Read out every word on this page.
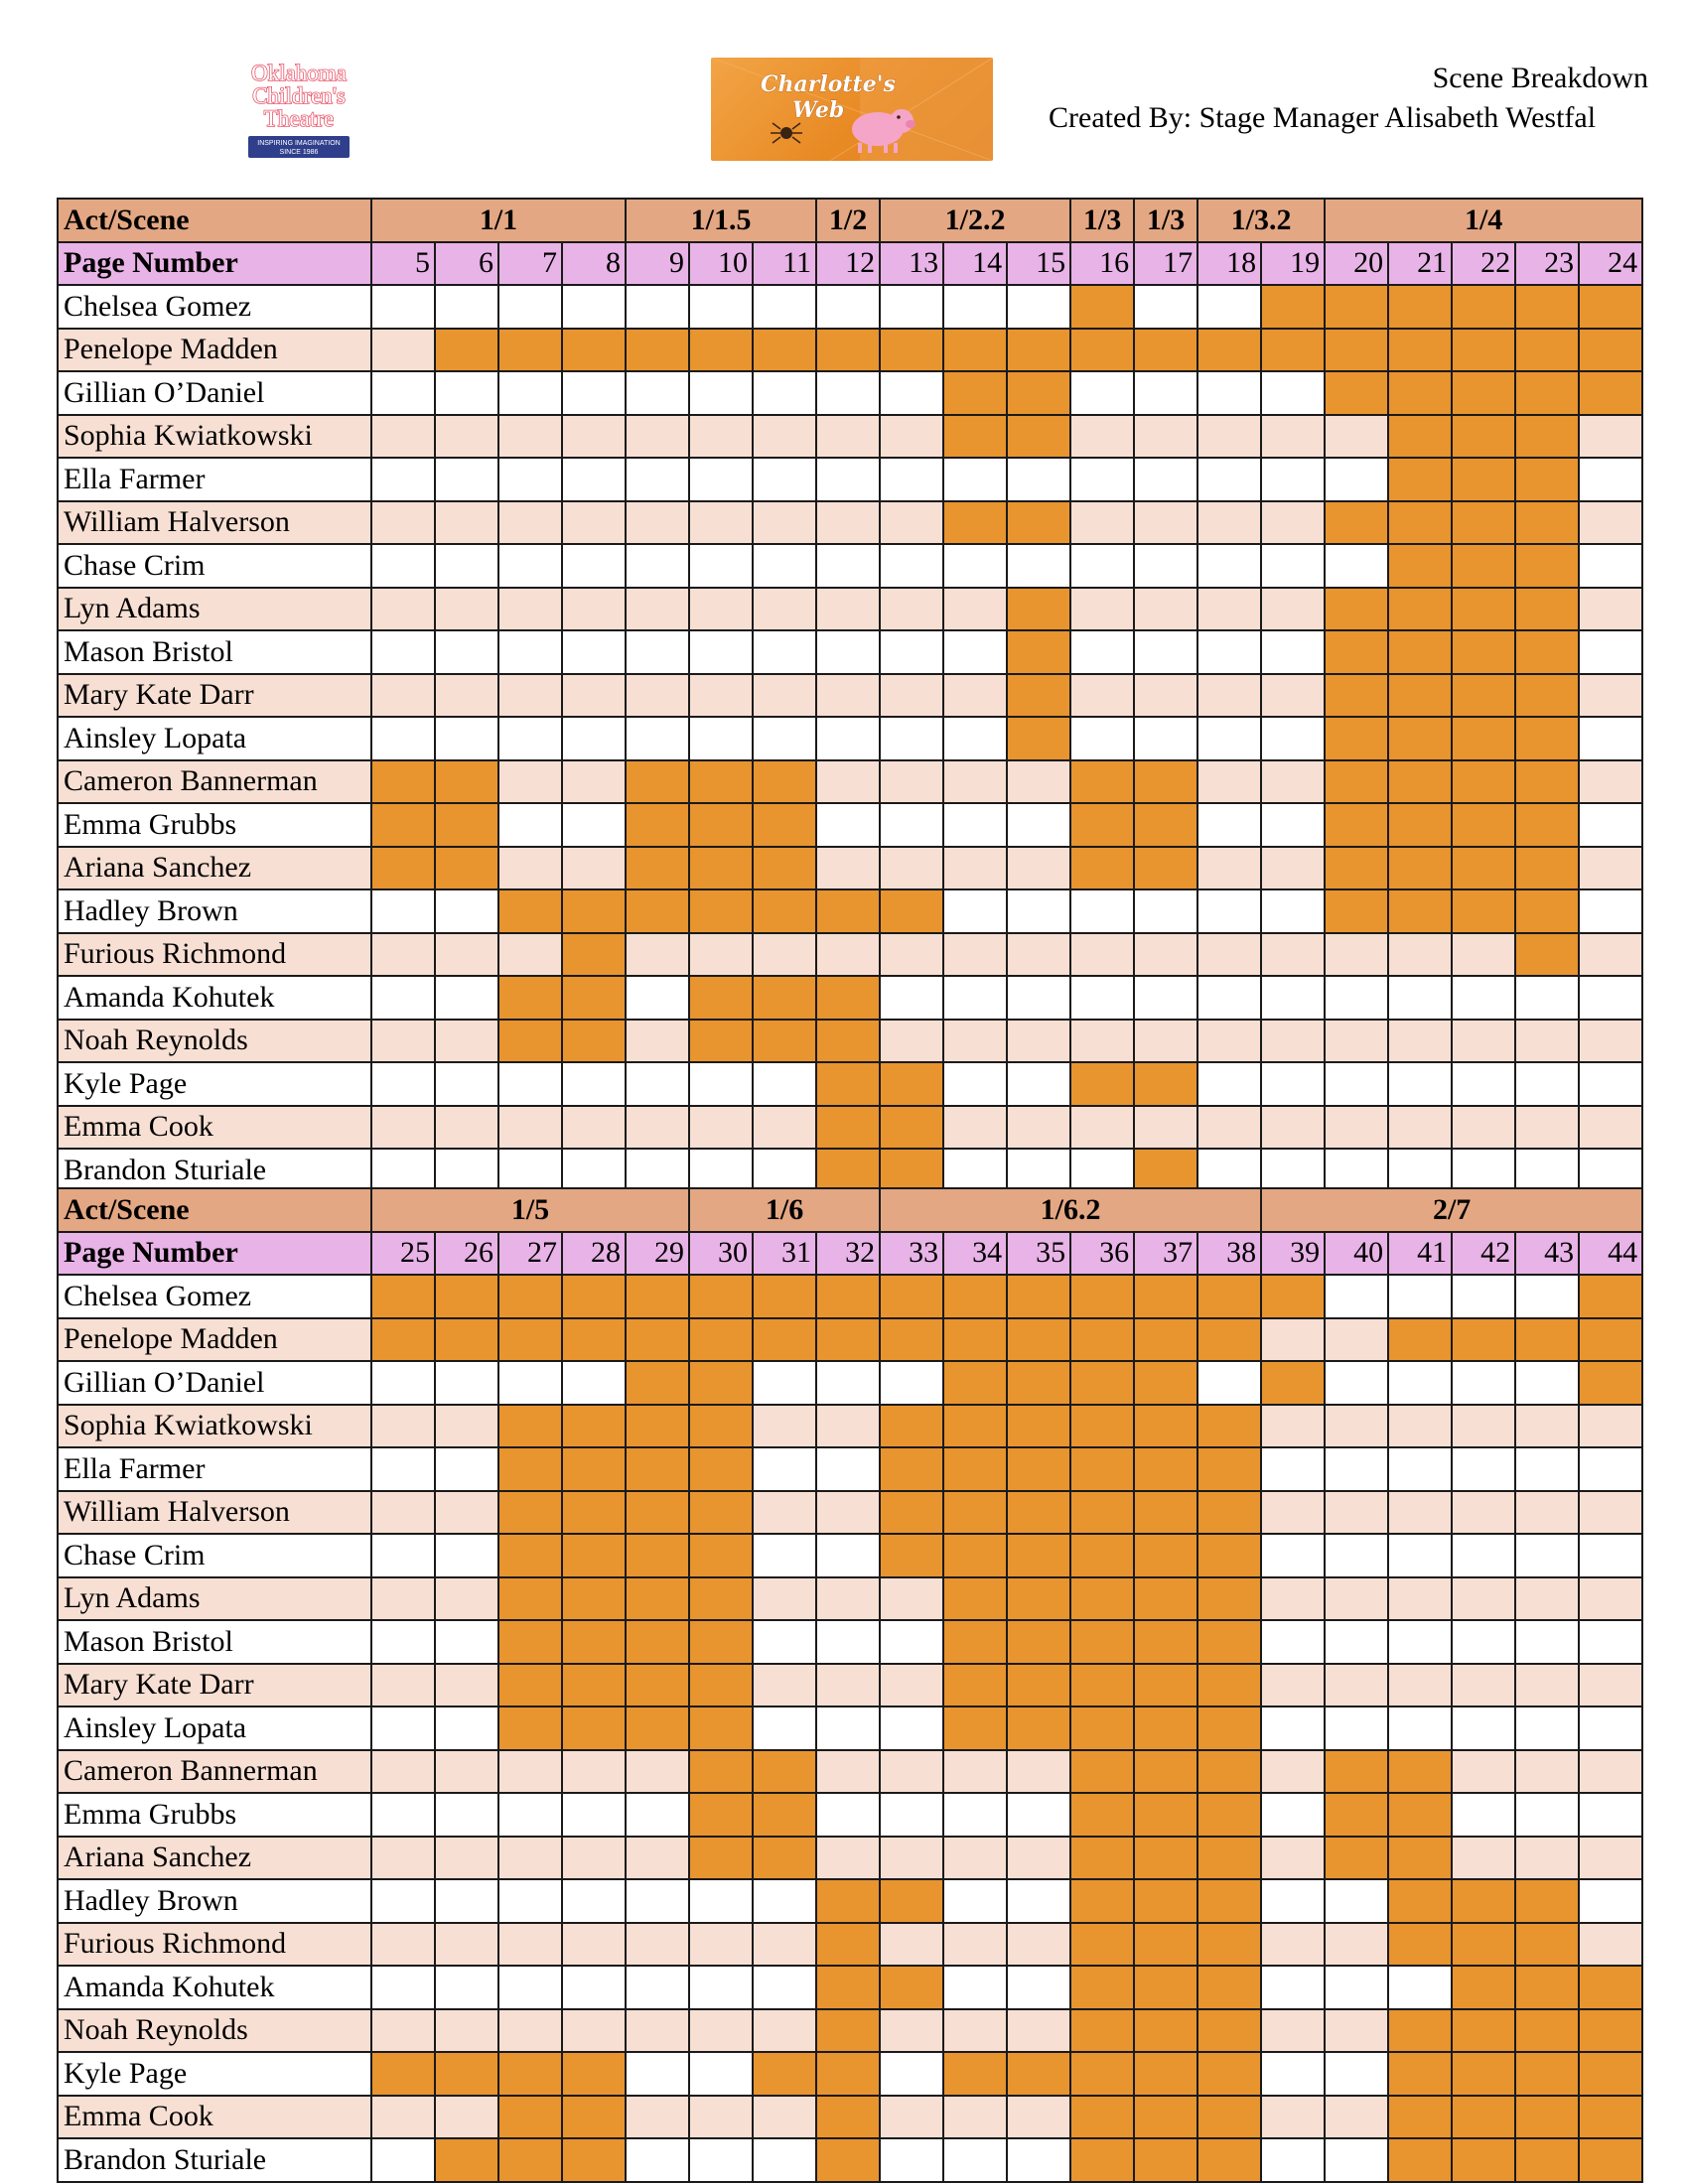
Oklahoma
Children's
Theatre
INSPIRING IMAGINATION
SINCE 1986
Charlotte's
Web
Scene Breakdown
Created By: Stage Manager Alisabeth Westfal
Act/Scene	1/1				1/1.5			1/2	1/2.2			1/3	1/3	1/3.2		1/4				
Page Number	5	6	7	8	9	10	11	12	13	14	15	16	17	18	19	20	21	22	23	24
Chelsea Gomez																				
Penelope Madden																				
Gillian O’Daniel																				
Sophia Kwiatkowski																				
Ella Farmer																				
William Halverson																				
Chase Crim																				
Lyn Adams																				
Mason Bristol																				
Mary Kate Darr																				
Ainsley Lopata																				
Cameron Bannerman																				
Emma Grubbs																				
Ariana Sanchez																				
Hadley Brown																				
Furious Richmond																				
Amanda Kohutek																				
Noah Reynolds																				
Kyle Page																				
Emma Cook																				
Brandon Sturiale																				
Act/Scene	1/5					1/6			1/6.2						2/7					
Page Number	25	26	27	28	29	30	31	32	33	34	35	36	37	38	39	40	41	42	43	44
Chelsea Gomez																				
Penelope Madden																				
Gillian O’Daniel																				
Sophia Kwiatkowski																				
Ella Farmer																				
William Halverson																				
Chase Crim																				
Lyn Adams																				
Mason Bristol																				
Mary Kate Darr																				
Ainsley Lopata																				
Cameron Bannerman																				
Emma Grubbs																				
Ariana Sanchez																				
Hadley Brown																				
Furious Richmond																				
Amanda Kohutek																				
Noah Reynolds																				
Kyle Page																				
Emma Cook																				
Brandon Sturiale																				
